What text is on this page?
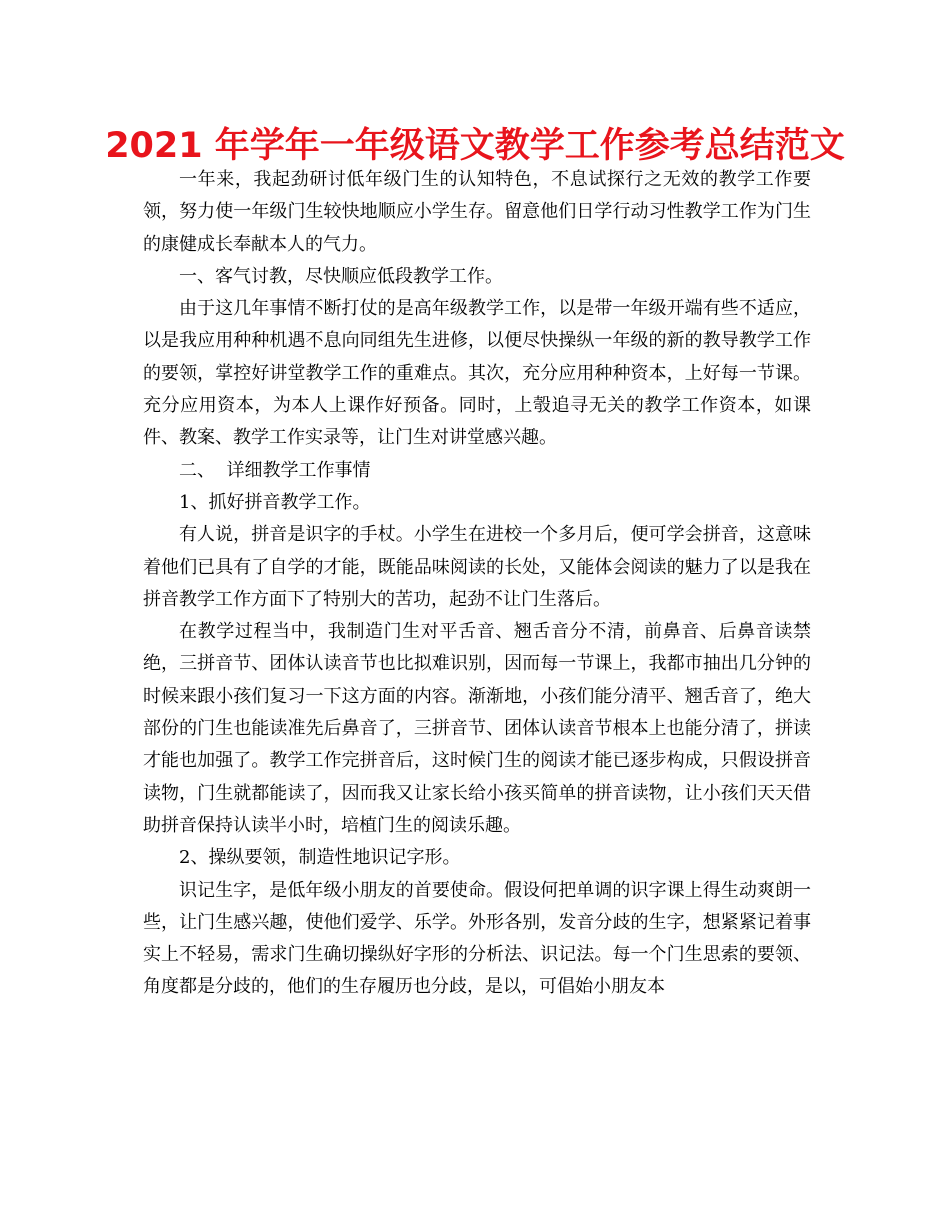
2021 年学年一年级语文教学工作参考总结范文

一年来，我起劲研讨低年级门生的认知特色，不息试探行之无效的教学工作要领，努力使一年级门生较快地顺应小学生存。留意他们日学行动习性教学工作为门生的康健成长奉献本人的气力。

一、客气讨教，尽快顺应低段教学工作。

由于这几年事情不断打仗的是高年级教学工作，以是带一年级开端有些不适应，以是我应用种种机遇不息向同组先生进修，以便尽快操纵一年级的新的教导教学工作的要领，掌控好讲堂教学工作的重难点。其次，充分应用种种资本，上好每一节课。充分应用资本，为本人上课作好预备。同时，上彀追寻无关的教学工作资本，如课件、教案、教学工作实录等，让门生对讲堂感兴趣。

二、  详细教学工作事情

1、抓好拼音教学工作。

有人说，拼音是识字的手杖。小学生在进校一个多月后，便可学会拼音，这意味着他们已具有了自学的才能，既能品味阅读的长处，又能体会阅读的魅力了以是我在拼音教学工作方面下了特别大的苦功，起劲不让门生落后。

在教学过程当中，我制造门生对平舌音、翘舌音分不清，前鼻音、后鼻音读禁绝，三拼音节、团体认读音节也比拟难识别，因而每一节课上，我都市抽出几分钟的时候来跟小孩们复习一下这方面的内容。渐渐地，小孩们能分清平、翘舌音了，绝大部份的门生也能读准先后鼻音了，三拼音节、团体认读音节根本上也能分清了，拼读才能也加强了。教学工作完拼音后，这时候门生的阅读才能已逐步构成，只假设拼音读物，门生就都能读了，因而我又让家长给小孩买简单的拼音读物，让小孩们天天借助拼音保持认读半小时，培植门生的阅读乐趣。

2、操纵要领，制造性地识记字形。

识记生字，是低年级小朋友的首要使命。假设何把单调的识字课上得生动爽朗一些，让门生感兴趣，使他们爱学、乐学。外形各别，发音分歧的生字，想紧紧记着事实上不轻易，需求门生确切操纵好字形的分析法、识记法。每一个门生思索的要领、角度都是分歧的，他们的生存履历也分歧，是以，可倡始小朋友本
